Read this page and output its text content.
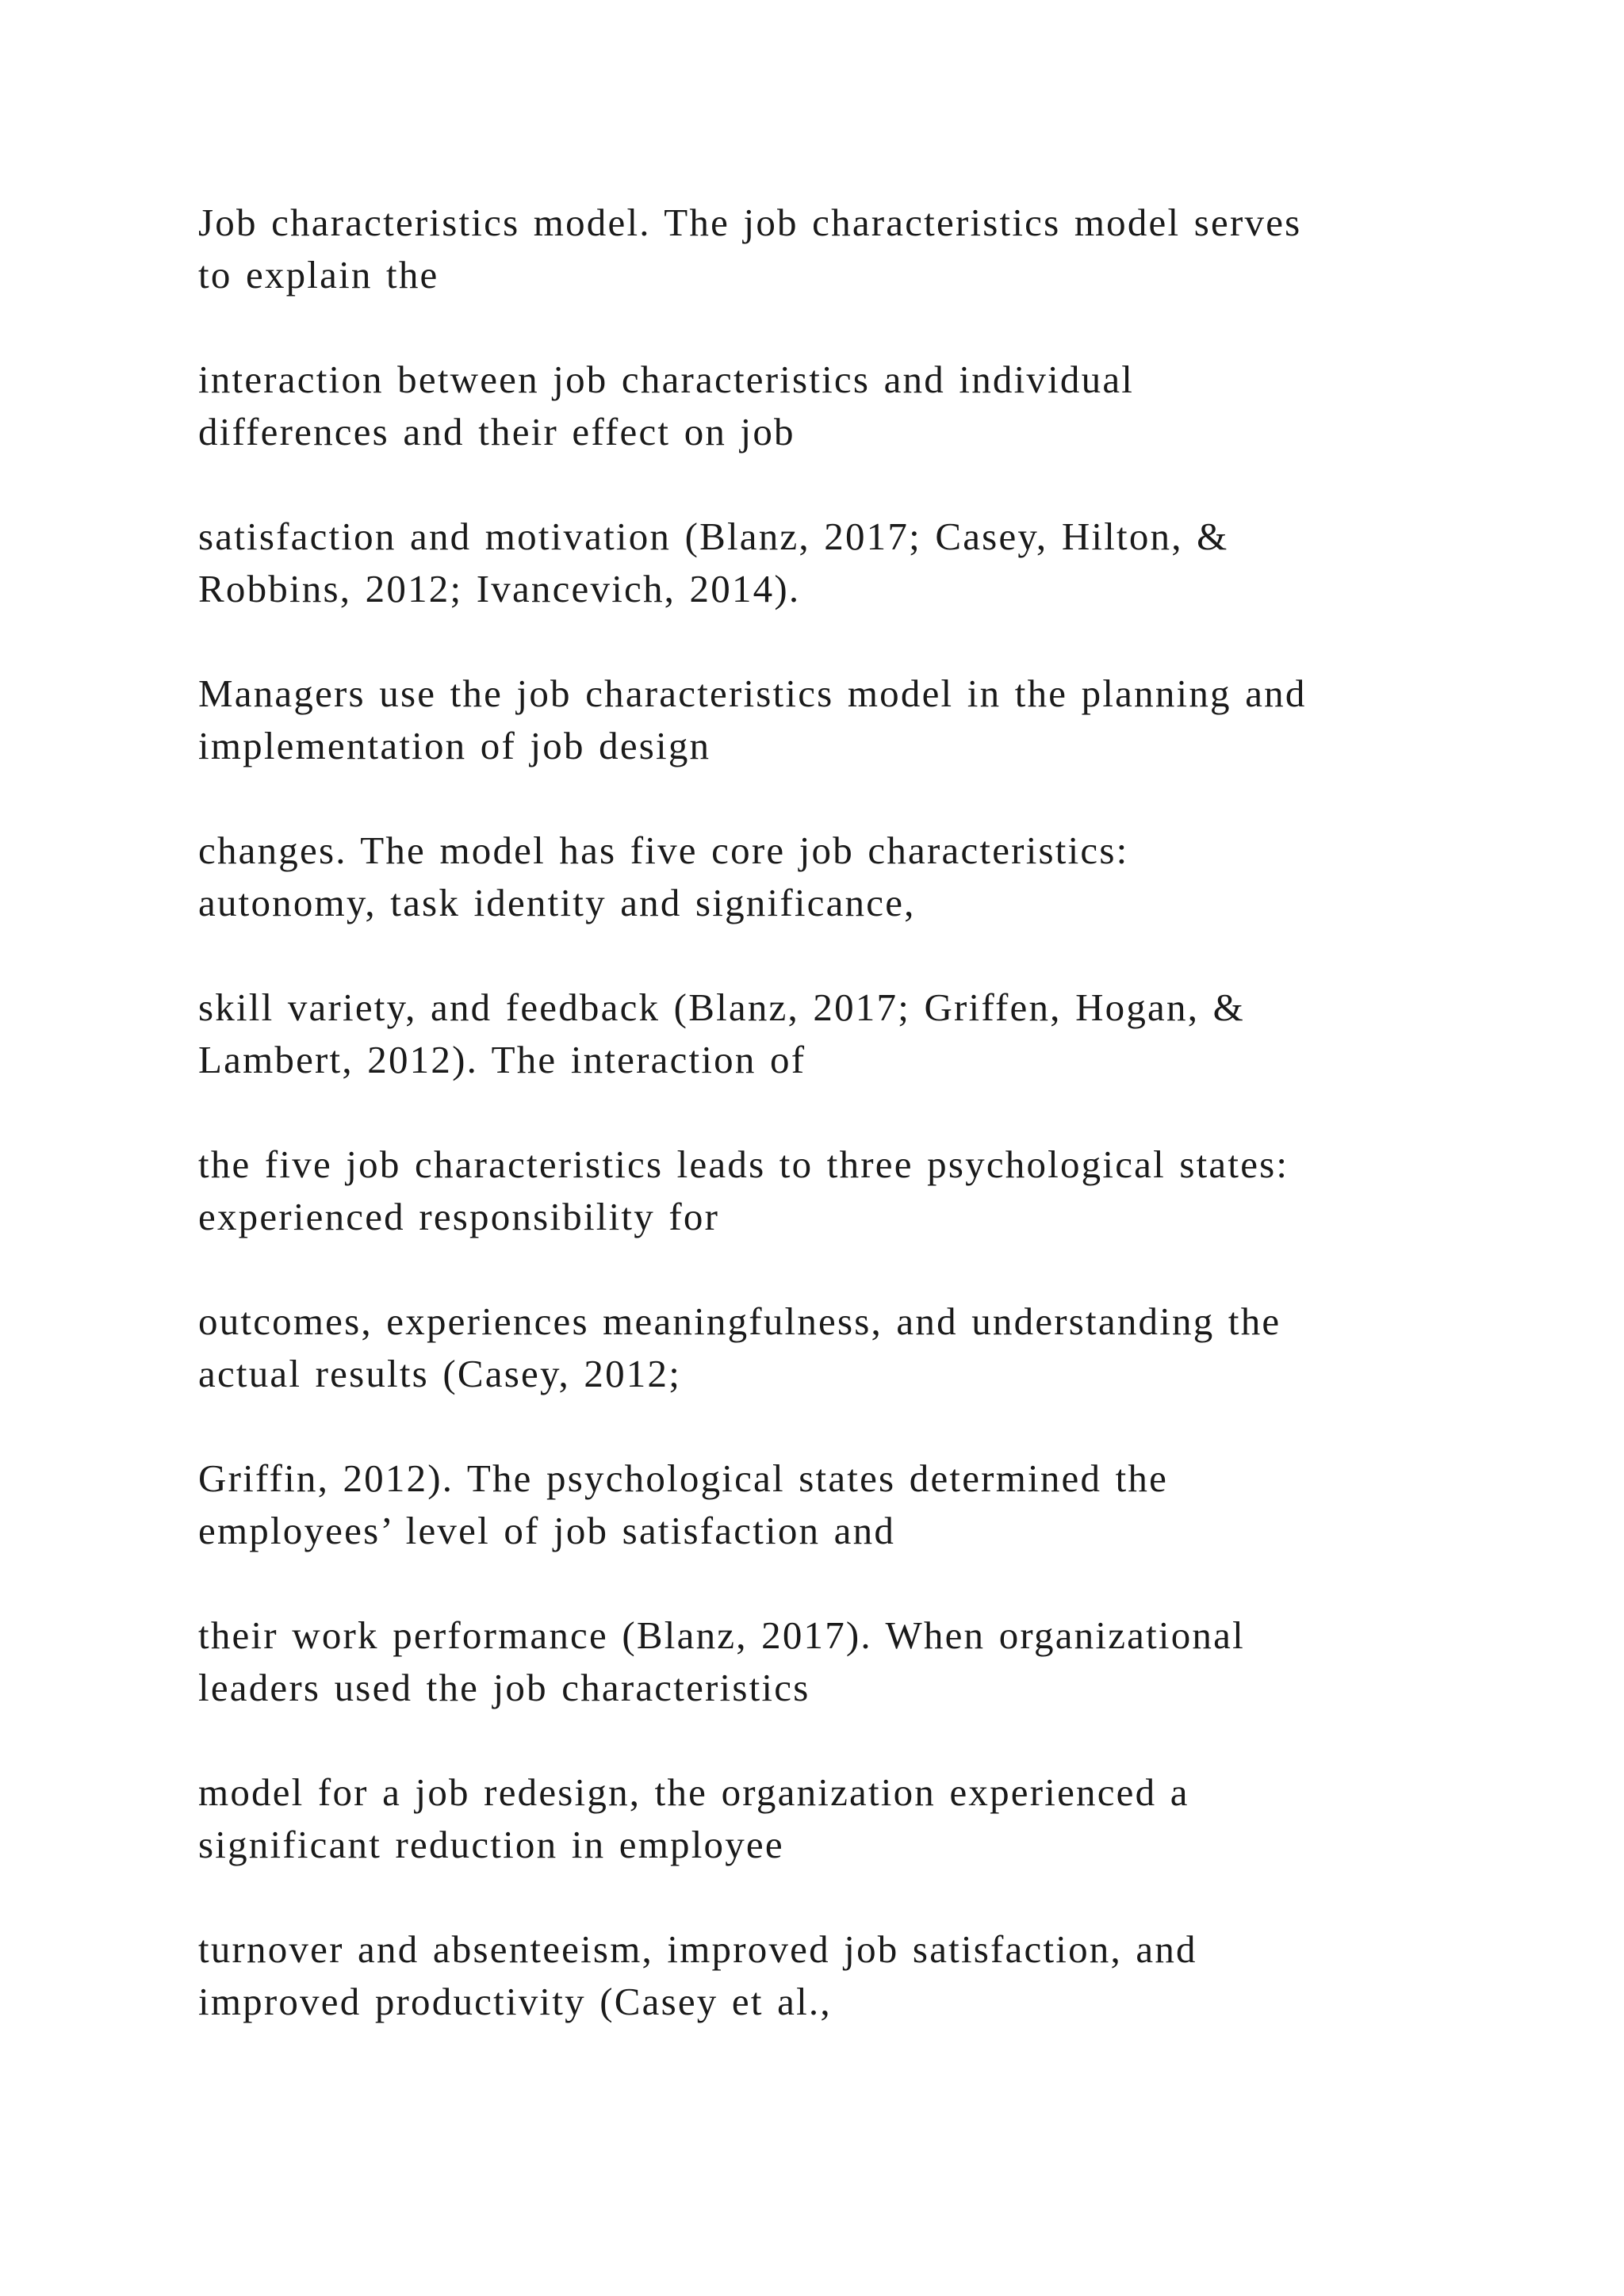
Job characteristics model. The job characteristics model serves
to explain the

interaction between job characteristics and individual
differences and their effect on job

satisfaction and motivation (Blanz, 2017; Casey, Hilton, &
Robbins, 2012; Ivancevich, 2014).

Managers use the job characteristics model in the planning and
implementation of job design

changes. The model has five core job characteristics:
autonomy, task identity and significance,

skill variety, and feedback (Blanz, 2017; Griffen, Hogan, &
Lambert, 2012). The interaction of

the five job characteristics leads to three psychological states:
experienced responsibility for

outcomes, experiences meaningfulness, and understanding the
actual results (Casey, 2012;

Griffin, 2012). The psychological states determined the
employees’ level of job satisfaction and

their work performance (Blanz, 2017). When organizational
leaders used the job characteristics

model for a job redesign, the organization experienced a
significant reduction in employee

turnover and absenteeism, improved job satisfaction, and
improved productivity (Casey et al.,
